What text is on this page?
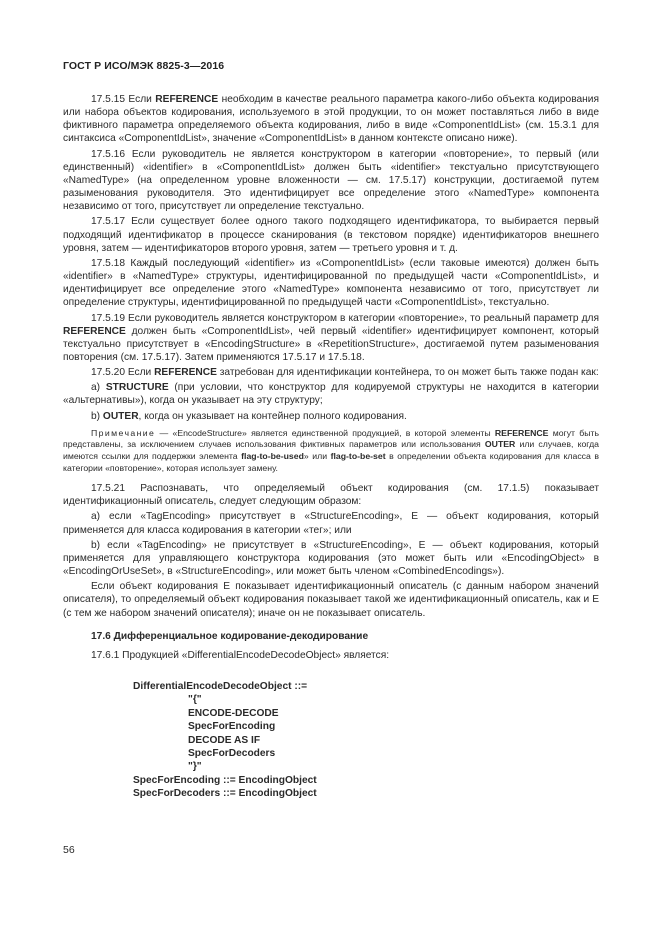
ГОСТ Р ИСО/МЭК 8825-3—2016

17.5.15 Если REFERENCE необходим в качестве реального параметра какого-либо объекта кодирования или набора объектов кодирования, используемого в этой продукции, то он может поставляться либо в виде фиктивного параметра определяемого объекта кодирования, либо в виде «ComponentIdList» (см. 15.3.1 для синтаксиса «ComponentIdList», значение «ComponentIdList» в данном контексте описано ниже).

17.5.16 Если руководитель не является конструктором в категории «повторение», то первый (или единственный) «identifier» в «ComponentIdList» должен быть «identifier» текстуально присутствующего «NamedType» (на определенном уровне вложенности — см. 17.5.17) конструкции, достигаемой путем разыменования руководителя. Это идентифицирует все определение этого «NamedType» компонента независимо от того, присутствует ли определение текстуально.

17.5.17 Если существует более одного такого подходящего идентификатора, то выбирается первый подходящий идентификатор в процессе сканирования (в текстовом порядке) идентификаторов внешнего уровня, затем — идентификаторов второго уровня, затем — третьего уровня и т. д.

17.5.18 Каждый последующий «identifier» из «ComponentIdList» (если таковые имеются) должен быть «identifier» в «NamedType» структуры, идентифицированной по предыдущей части «ComponentIdList», и идентифицирует все определение этого «NamedType» компонента независимо от того, присутствует ли определение структуры, идентифицированной по предыдущей части «ComponentIdList», текстуально.

17.5.19 Если руководитель является конструктором в категории «повторение», то реальный параметр для REFERENCE должен быть «ComponentIdList», чей первый «identifier» идентифицирует компонент, который текстуально присутствует в «EncodingStructure» в «RepetitionStructure», достигаемой путем разыменования повторения (см. 17.5.17). Затем применяются 17.5.17 и 17.5.18.

17.5.20 Если REFERENCE затребован для идентификации контейнера, то он может быть также подан как:

a) STRUCTURE (при условии, что конструктор для кодируемой структуры не находится в категории «альтернативы»), когда он указывает на эту структуру;

b) OUTER, когда он указывает на контейнер полного кодирования.

Примечание — «EncodeStructure» является единственной продукцией, в которой элементы REFERENCE могут быть представлены, за исключением случаев использования фиктивных параметров или использования OUTER или случаев, когда имеются ссылки для поддержки элемента flag-to-be-used» или flag-to-be-set в определении объекта кодирования для класса в категории «повторение», которая использует замену.

17.5.21 Распознавать, что определяемый объект кодирования (см. 17.1.5) показывает идентификационный описатель, следует следующим образом:

a) если «TagEncoding» присутствует в «StructureEncoding», E — объект кодирования, который применяется для класса кодирования в категории «тег»; или

b) если «TagEncoding» не присутствует в «StructureEncoding», E — объект кодирования, который применяется для управляющего конструктора кодирования (это может быть или «EncodingObject» в «EncodingOrUseSet», в «StructureEncoding», или может быть членом «CombinedEncodings»).

Если объект кодирования E показывает идентификационный описатель (с данным набором значений описателя), то определяемый объект кодирования показывает такой же идентификационный описатель, как и E (с тем же набором значений описателя); иначе он не показывает описатель.

17.6 Дифференциальное кодирование-декодирование

17.6.1 Продукцией «DifferentialEncodeDecodeObject» является:

DifferentialEncodeDecodeObject ::=
"{"
ENCODE-DECODE
SpecForEncoding
DECODE AS IF
SpecForDecoders
"}"
SpecForEncoding ::= EncodingObject
SpecForDecoders ::= EncodingObject
56
